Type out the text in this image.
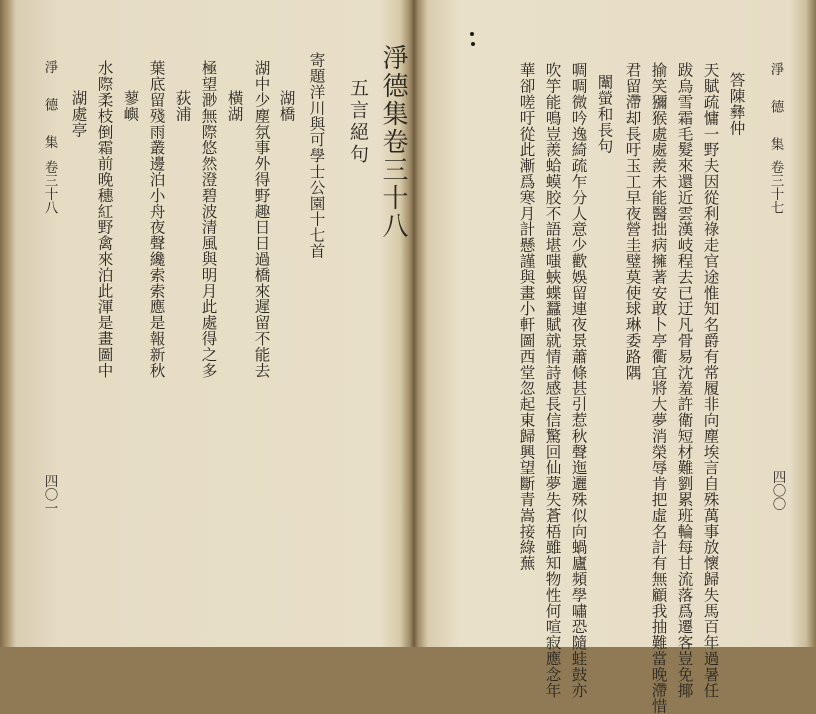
淨德集卷三十八
五言絕句
寄題洋川與可學士公園十七首
湖橋
湖中少塵氛事外得野趣日日過橋來遲留不能去
橫湖
極望渺無際悠然澄碧波清風與明月此處得之多
荻浦
葉底留殘雨叢邊泊小舟夜聲纔索索應是報新秋
蓼嶼
水際柔枝倒霜前晚穗紅野禽來泊此渾是畫圖中
湖處亭
淨 德 集
卷三十八
四〇一
淨 德 集
卷三十七
四〇〇
答陳彝仲
天賦疏慵一野夫因從利祿走官途惟知名爵有常履非向塵埃言自殊萬事放懷歸失馬百年過暑任
跋烏雪霜毛髮來還近雲漢岐程去已迂凡骨易沈羞許衛短材難劉累班輪每甘流落爲遷客豈免揶
揄笑獼猴處處羨未能醫拙病擁著安敢卜亭衢宜將大夢消榮辱肯把虛名計有無顧我抽難當晚滯惜
君留滯却長吁玉工早夜營圭璧莫使球琳委路隅
闈螢和長句
啁啁微吟逸綺疏乍分人意少歡娛留連夜景蕭條甚引惹秋聲迤邐殊似向蝸廬頻學嘯恐隨蛙鼓亦
吹竽能鳴豈羨蛤蟆胶不語堪嗤蛺蝶蠶賦就情詩感長信驚回仙夢失蒼梧雖知物性何喧寂應念年
華卻嗟吁從此漸爲寒月計懸謹與畫小軒圖西堂忽起東歸興望斷青嵩接綠蕪
